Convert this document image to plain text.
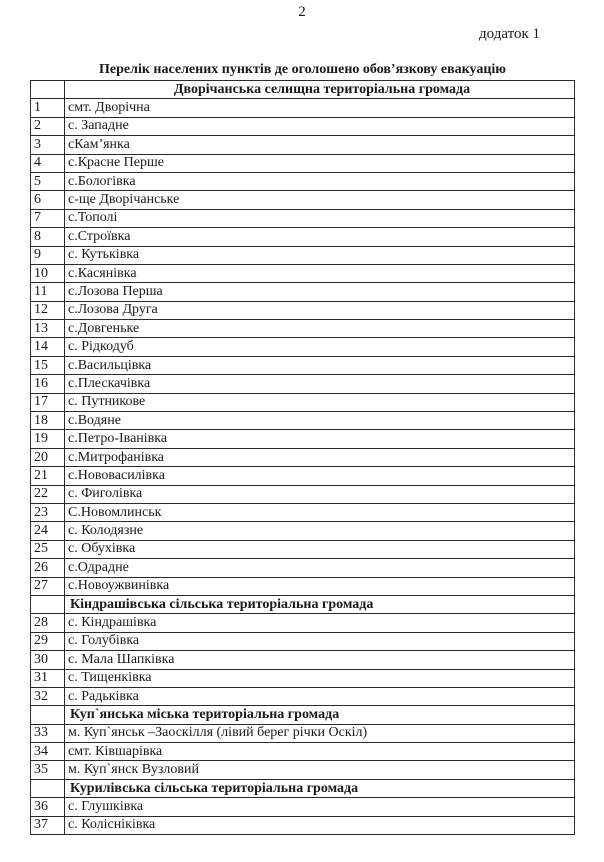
2
додаток 1
Перелік населених пунктів де оголошено обов’язкову евакуацію
	Дворічанська селищна територіальна громада
1	смт. Дворічна
2	с. Западне
3	сКам’янка
4	с.Красне Перше
5	с.Бологівка
6	с-ще Дворічанське
7	с.Тополі
8	с.Строївка
9	с. Кутьківка
10	с.Касянівка
11	с.Лозова Перша
12	с.Лозова Друга
13	с.Довгеньке
14	с. Рідкодуб
15	с.Васильцівка
16	с.Плескачівка
17	с. Путникове
18	с.Водяне
19	с.Петро-Іванівка
20	с.Митрофанівка
21	с.Нововасилівка
22	с. Фиголівка
23	С.Новомлинськ
24	с. Колодязне
25	с. Обухівка
26	с.Одрадне
27	с.Новоужвинівка
	Кіндрашівська сільська територіальна громада
28	с. Кіндрашівка
29	с. Голубівка
30	с. Мала Шапківка
31	с. Тищенківка
32	с. Радьківка
	Куп`янська міська територіальна громада
33	м. Куп`янськ –Заоскілля (лівий берег річки Оскіл)
34	смт. Ківшарівка
35	м. Куп`янск Вузловий
	Курилівська сільська територіальна громада
36	с. Глушківка
37	с. Колісніківка
